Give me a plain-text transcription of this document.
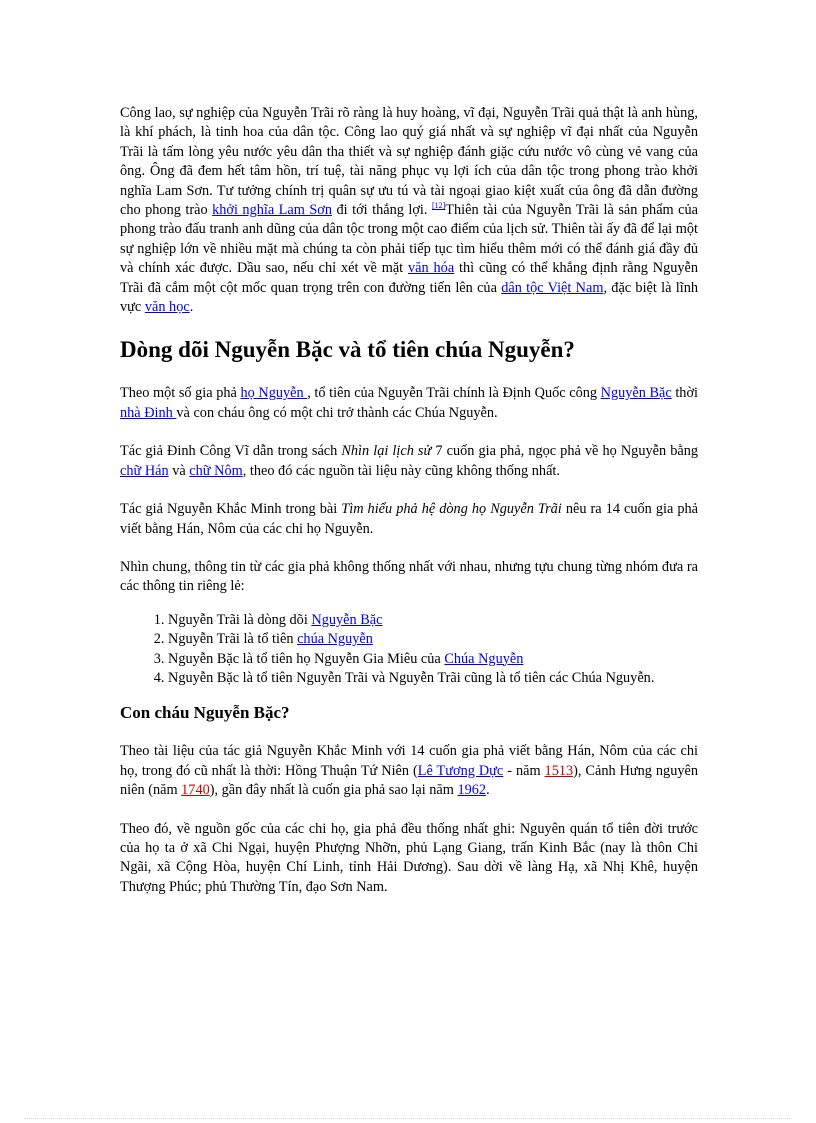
Công lao, sự nghiệp của Nguyễn Trãi rõ ràng là huy hoàng, vĩ đại, Nguyễn Trãi quả thật là anh hùng, là khí phách, là tinh hoa của dân tộc. Công lao quý giá nhất và sự nghiệp vĩ đại nhất của Nguyễn Trãi là tấm lòng yêu nước yêu dân tha thiết và sự nghiệp đánh giặc cứu nước vô cùng vẻ vang của ông. Ông đã đem hết tâm hồn, trí tuệ, tài năng phục vụ lợi ích của dân tộc trong phong trào khởi nghĩa Lam Sơn. Tư tưởng chính trị quân sự ưu tú và tài ngoại giao kiệt xuất của ông đã dẫn đường cho phong trào khởi nghĩa Lam Sơn đi tới thắng lợi. [12]Thiên tài của Nguyễn Trãi là sản phẩm của phong trào đấu tranh anh dũng của dân tộc trong một cao điểm của lịch sử. Thiên tài ấy đã để lại một sự nghiệp lớn về nhiều mặt mà chúng ta còn phải tiếp tục tìm hiểu thêm mới có thể đánh giá đầy đủ và chính xác được. Dầu sao, nếu chỉ xét về mặt văn hóa thì cũng có thể khẳng định rằng Nguyễn Trãi đã cắm một cột mốc quan trọng trên con đường tiến lên của dân tộc Việt Nam, đặc biệt là lĩnh vực văn học.

Dòng dõi Nguyễn Bặc và tổ tiên chúa Nguyễn?

Theo một số gia phả họ Nguyễn , tổ tiên của Nguyễn Trãi chính là Định Quốc công Nguyễn Bặc thời nhà Đinh và con cháu ông có một chi trở thành các Chúa Nguyễn.

Tác giả Đinh Công Vĩ dẫn trong sách Nhìn lại lịch sử 7 cuốn gia phả, ngọc phả về họ Nguyễn bằng chữ Hán và chữ Nôm, theo đó các nguồn tài liệu này cũng không thống nhất.

Tác giả Nguyễn Khắc Minh trong bài Tìm hiểu phả hệ dòng họ Nguyễn Trãi nêu ra 14 cuốn gia phả viết bằng Hán, Nôm của các chi họ Nguyễn.

Nhìn chung, thông tin từ các gia phả không thống nhất với nhau, nhưng tựu chung từng nhóm đưa ra các thông tin riêng lẻ:

1. Nguyễn Trãi là dòng dõi Nguyễn Bặc
2. Nguyễn Trãi là tổ tiên chúa Nguyễn
3. Nguyễn Bặc là tổ tiên họ Nguyễn Gia Miêu của Chúa Nguyễn
4. Nguyễn Bặc là tổ tiên Nguyễn Trãi và Nguyễn Trãi cũng là tổ tiên các Chúa Nguyễn.
Con cháu Nguyễn Bặc?

Theo tài liệu của tác giả Nguyễn Khắc Minh với 14 cuốn gia phả viết bằng Hán, Nôm của các chi họ, trong đó cũ nhất là thời: Hồng Thuận Tứ Niên (Lê Tương Dực - năm 1513), Cảnh Hưng nguyên niên (năm 1740), gần đây nhất là cuốn gia phả sao lại năm 1962.

Theo đó, về nguồn gốc của các chi họ, gia phả đều thống nhất ghi: Nguyên quán tổ tiên đời trước của họ ta ở xã Chi Ngại, huyện Phượng Nhỡn, phủ Lạng Giang, trấn Kinh Bắc (nay là thôn Chi Ngãi, xã Cộng Hòa, huyện Chí Linh, tỉnh Hải Dương). Sau dời về làng Hạ, xã Nhị Khê, huyện Thượng Phúc; phủ Thường Tín, đạo Sơn Nam.
